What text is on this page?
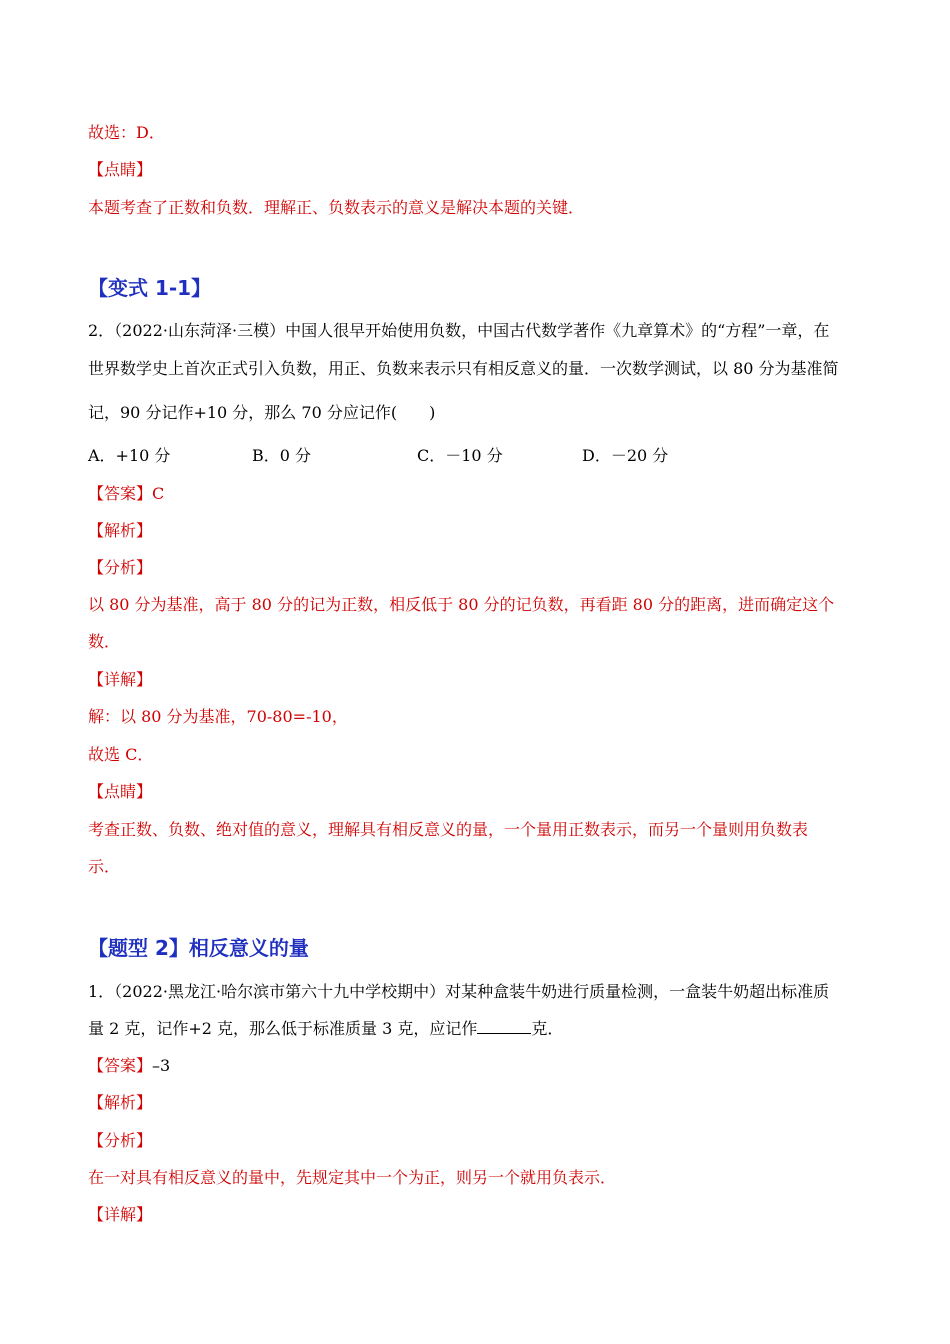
故选：D．
【点睛】
本题考查了正数和负数．理解正、负数表示的意义是解决本题的关键．
【变式 1-1】
2．（2022·山东菏泽·三模）中国人很早开始使用负数，中国古代数学著作《九章算术》的“方程”一章，在
世界数学史上首次正式引入负数，用正、负数来表示只有相反意义的量．一次数学测试，以 80 分为基准简
记，90 分记作+10 分，那么 70 分应记作(　　)
A．+10 分	B．0 分	C．－10 分	D．－20 分
【答案】C
【解析】
【分析】
以 80 分为基准，高于 80 分的记为正数，相反低于 80 分的记负数，再看距 80 分的距离，进而确定这个
数．
【详解】
解：以 80 分为基准，70-80=-10，
故选 C．
【点睛】
考查正数、负数、绝对值的意义，理解具有相反意义的量，一个量用正数表示，而另一个量则用负数表
示．
【题型 2】相反意义的量
1．（2022·黑龙江·哈尔滨市第六十九中学校期中）对某种盒装牛奶进行质量检测，一盒装牛奶超出标准质
量 2 克，记作+2 克，那么低于标准质量 3 克，应记作	克．
【答案】–3
【解析】
【分析】
在一对具有相反意义的量中，先规定其中一个为正，则另一个就用负表示．
【详解】
